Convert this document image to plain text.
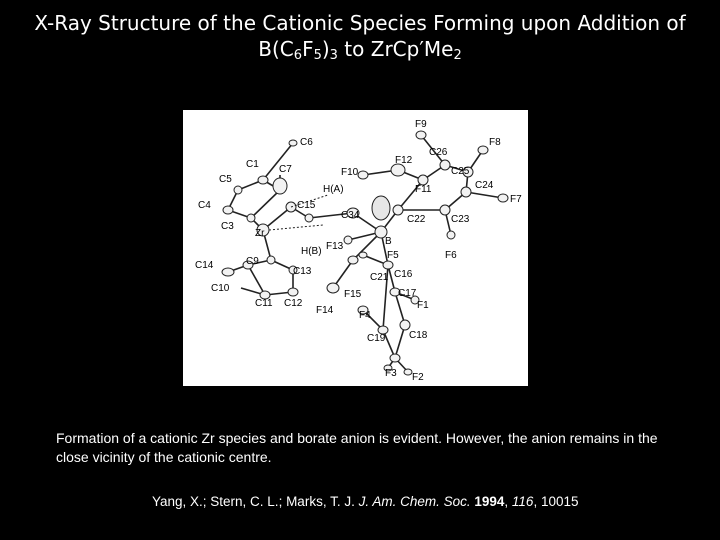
X-Ray Structure of the Cationic Species Forming upon Addition of
$B(C_6F_5)_3$ to $ZrCp'Me_2$
F9
F8
C6
C26
C1	F12
C25
C7	F10
C24
F7
C5
H(A)	F11
C15
C4
C34	C22	C23
C3
Zr
H(B) F13	B
F6
C9
F5
C14
C13
C21 C16
C10
C11 C12
F15	C17
F1
F14	F4
C18
C19
F3 F2
Formation of a cationic Zr species and borate anion is evident. However, the anion remains in the close vicinity of the cationic centre.
Yang, X.; Stern, C. L.; Marks, T. J. J. Am. Chem. Soc. 1994, 116, 10015
